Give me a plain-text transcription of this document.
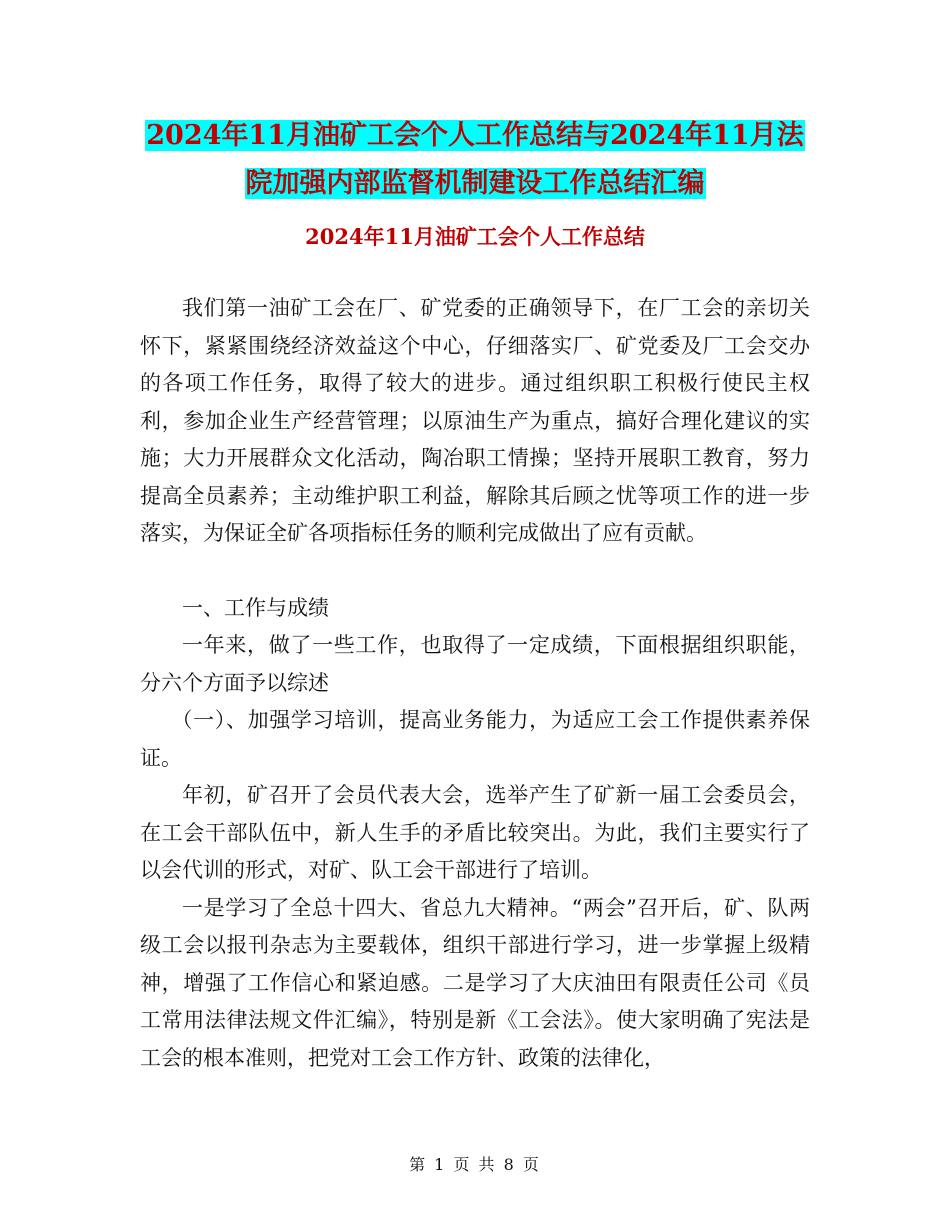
2024年11月油矿工会个人工作总结与2024年11月法
院加强内部监督机制建设工作总结汇编
2024年11月油矿工会个人工作总结

我们第一油矿工会在厂、矿党委的正确领导下，在厂工会的亲切关怀下，紧紧围绕经济效益这个中心，仔细落实厂、矿党委及厂工会交办的各项工作任务，取得了较大的进步。通过组织职工积极行使民主权利，参加企业生产经营管理；以原油生产为重点，搞好合理化建议的实施；大力开展群众文化活动，陶冶职工情操；坚持开展职工教育，努力提高全员素养；主动维护职工利益，解除其后顾之忧等项工作的进一步落实，为保证全矿各项指标任务的顺利完成做出了应有贡献。

一、工作与成绩

一年来，做了一些工作，也取得了一定成绩，下面根据组织职能，分六个方面予以综述

（一）、加强学习培训，提高业务能力，为适应工会工作提供素养保证。

年初，矿召开了会员代表大会，选举产生了矿新一届工会委员会，在工会干部队伍中，新人生手的矛盾比较突出。为此，我们主要实行了以会代训的形式，对矿、队工会干部进行了培训。

一是学习了全总十四大、省总九大精神。“两会”召开后，矿、队两级工会以报刊杂志为主要载体，组织干部进行学习，进一步掌握上级精神，增强了工作信心和紧迫感。二是学习了大庆油田有限责任公司《员工常用法律法规文件汇编》，特别是新《工会法》。使大家明确了宪法是工会的根本准则，把党对工会工作方针、政策的法律化，

第 1 页 共 8 页
